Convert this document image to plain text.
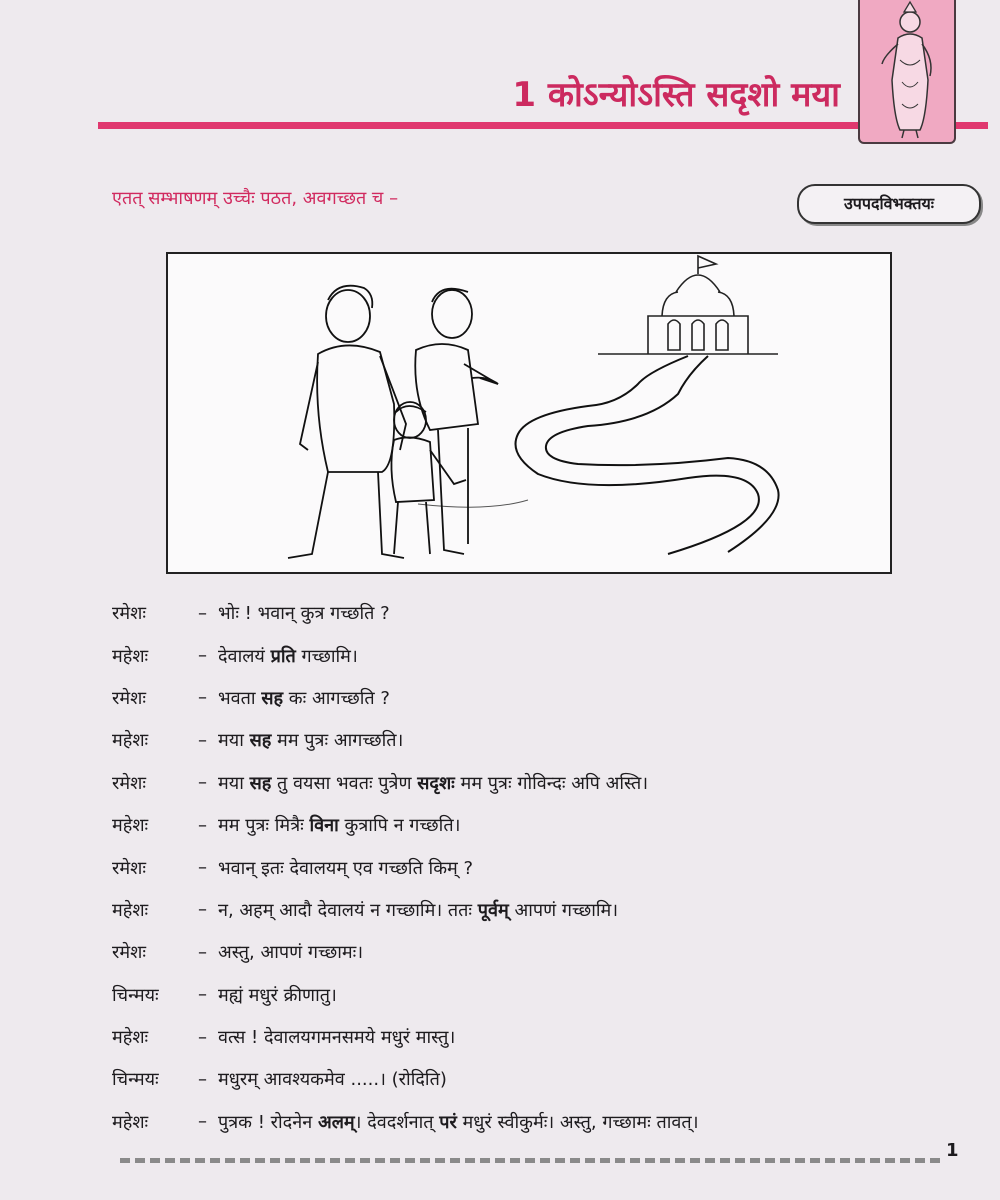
1 कोऽन्योऽस्ति सदृशो मया
एतत् सम्भाषणम् उच्चैः पठत, अवगच्छत च –	उपपदविभक्तयः
रमेशः	– भोः ! भवान् कुत्र गच्छति ?
महेशः	– देवालयं प्रति गच्छामि।
रमेशः	– भवता सह कः आगच्छति ?
महेशः	– मया सह मम पुत्रः आगच्छति।
रमेशः	– मया सह तु वयसा भवतः पुत्रेण सदृशः मम पुत्रः गोविन्दः अपि अस्ति।
महेशः	– मम पुत्रः मित्रैः विना कुत्रापि न गच्छति।
रमेशः	– भवान् इतः देवालयम् एव गच्छति किम् ?
महेशः	– न, अहम् आदौ देवालयं न गच्छामि। ततः पूर्वम् आपणं गच्छामि।
रमेशः	– अस्तु, आपणं गच्छामः।
चिन्मयः	– मह्यं मधुरं क्रीणातु।
महेशः	– वत्स ! देवालयगमनसमये मधुरं मास्तु।
चिन्मयः	– मधुरम् आवश्यकमेव .....। (रोदिति)
महेशः	– पुत्रक ! रोदनेन अलम्। देवदर्शनात् परं मधुरं स्वीकुर्मः। अस्तु, गच्छामः तावत्।
1
